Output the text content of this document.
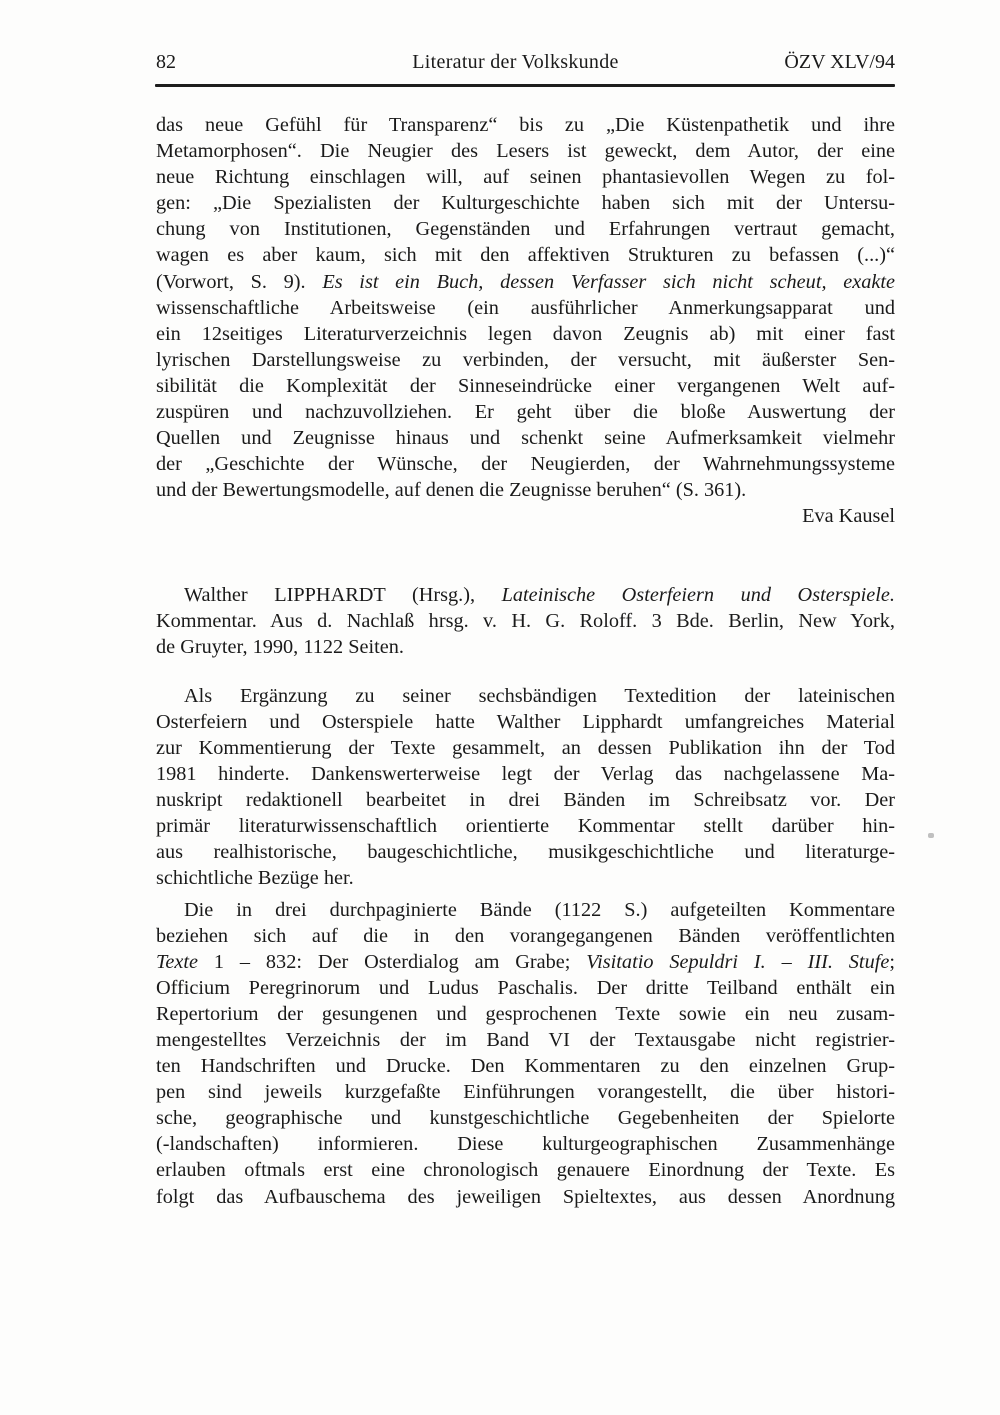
82	Literatur der Volkskunde	ÖZV XLV/94
das neue Gefühl für Transparenz“ bis zu „Die Küstenpathetik und ihre
Metamorphosen“. Die Neugier des Lesers ist geweckt, dem Autor, der eine
neue Richtung einschlagen will, auf seinen phantasievollen Wegen zu fol-
gen: „Die Spezialisten der Kulturgeschichte haben sich mit der Untersu-
chung von Institutionen, Gegenständen und Erfahrungen vertraut gemacht,
wagen es aber kaum, sich mit den affektiven Strukturen zu befassen (...)“
(Vorwort, S. 9). Es ist ein Buch, dessen Verfasser sich nicht scheut, exakte
wissenschaftliche Arbeitsweise (ein ausführlicher Anmerkungsapparat und
ein 12seitiges Literaturverzeichnis legen davon Zeugnis ab) mit einer fast
lyrischen Darstellungsweise zu verbinden, der versucht, mit äußerster Sen-
sibilität die Komplexität der Sinneseindrücke einer vergangenen Welt auf-
zuspüren und nachzuvollziehen. Er geht über die bloße Auswertung der
Quellen und Zeugnisse hinaus und schenkt seine Aufmerksamkeit vielmehr
der „Geschichte der Wünsche, der Neugierden, der Wahrnehmungssysteme
und der Bewertungsmodelle, auf denen die Zeugnisse beruhen“ (S. 361).
Eva Kausel
Walther LIPPHARDT (Hrsg.), Lateinische Osterfeiern und Osterspiele.
Kommentar. Aus d. Nachlaß hrsg. v. H. G. Roloff. 3 Bde. Berlin, New York,
de Gruyter, 1990, 1122 Seiten.
Als Ergänzung zu seiner sechsbändigen Textedition der lateinischen
Osterfeiern und Osterspiele hatte Walther Lipphardt umfangreiches Material
zur Kommentierung der Texte gesammelt, an dessen Publikation ihn der Tod
1981 hinderte. Dankenswerterweise legt der Verlag das nachgelassene Ma-
nuskript redaktionell bearbeitet in drei Bänden im Schreibsatz vor. Der
primär literaturwissenschaftlich orientierte Kommentar stellt darüber hin-
aus realhistorische, baugeschichtliche, musikgeschichtliche und literaturge-
schichtliche Bezüge her.
Die in drei durchpaginierte Bände (1122 S.) aufgeteilten Kommentare
beziehen sich auf die in den vorangegangenen Bänden veröffentlichten
Texte 1 – 832: Der Osterdialog am Grabe; Visitatio Sepuldri I. – III. Stufe;
Officium Peregrinorum und Ludus Paschalis. Der dritte Teilband enthält ein
Repertorium der gesungenen und gesprochenen Texte sowie ein neu zusam-
mengestelltes Verzeichnis der im Band VI der Textausgabe nicht registrier-
ten Handschriften und Drucke. Den Kommentaren zu den einzelnen Grup-
pen sind jeweils kurzgefaßte Einführungen vorangestellt, die über histori-
sche, geographische und kunstgeschichtliche Gegebenheiten der Spielorte
(-landschaften) informieren. Diese kulturgeographischen Zusammenhänge
erlauben oftmals erst eine chronologisch genauere Einordnung der Texte. Es
folgt das Aufbauschema des jeweiligen Spieltextes, aus dessen Anordnung
